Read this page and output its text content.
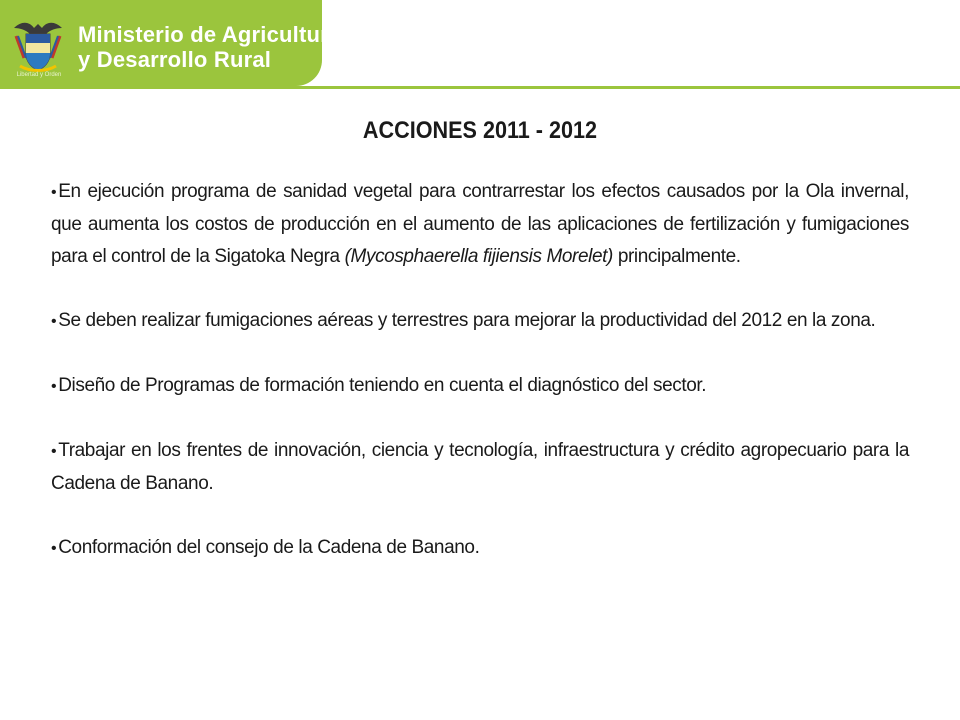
Libertad y Orden
Ministerio de Agricultura
y Desarrollo Rural
ACCIONES 2011 - 2012

• En ejecución programa de sanidad vegetal para contrarrestar los efectos causados por la Ola invernal, que aumenta los costos de producción en el aumento de las aplicaciones de fertilización y fumigaciones para el control de la Sigatoka Negra (Mycosphaerella fijiensis Morelet) principalmente.

• Se deben realizar fumigaciones aéreas y terrestres para mejorar la productividad del 2012 en la zona.

• Diseño de Programas de formación teniendo en cuenta el diagnóstico del sector.

• Trabajar en los frentes de innovación, ciencia y tecnología, infraestructura y crédito agropecuario para la Cadena de Banano.

• Conformación del consejo de la Cadena de Banano.
